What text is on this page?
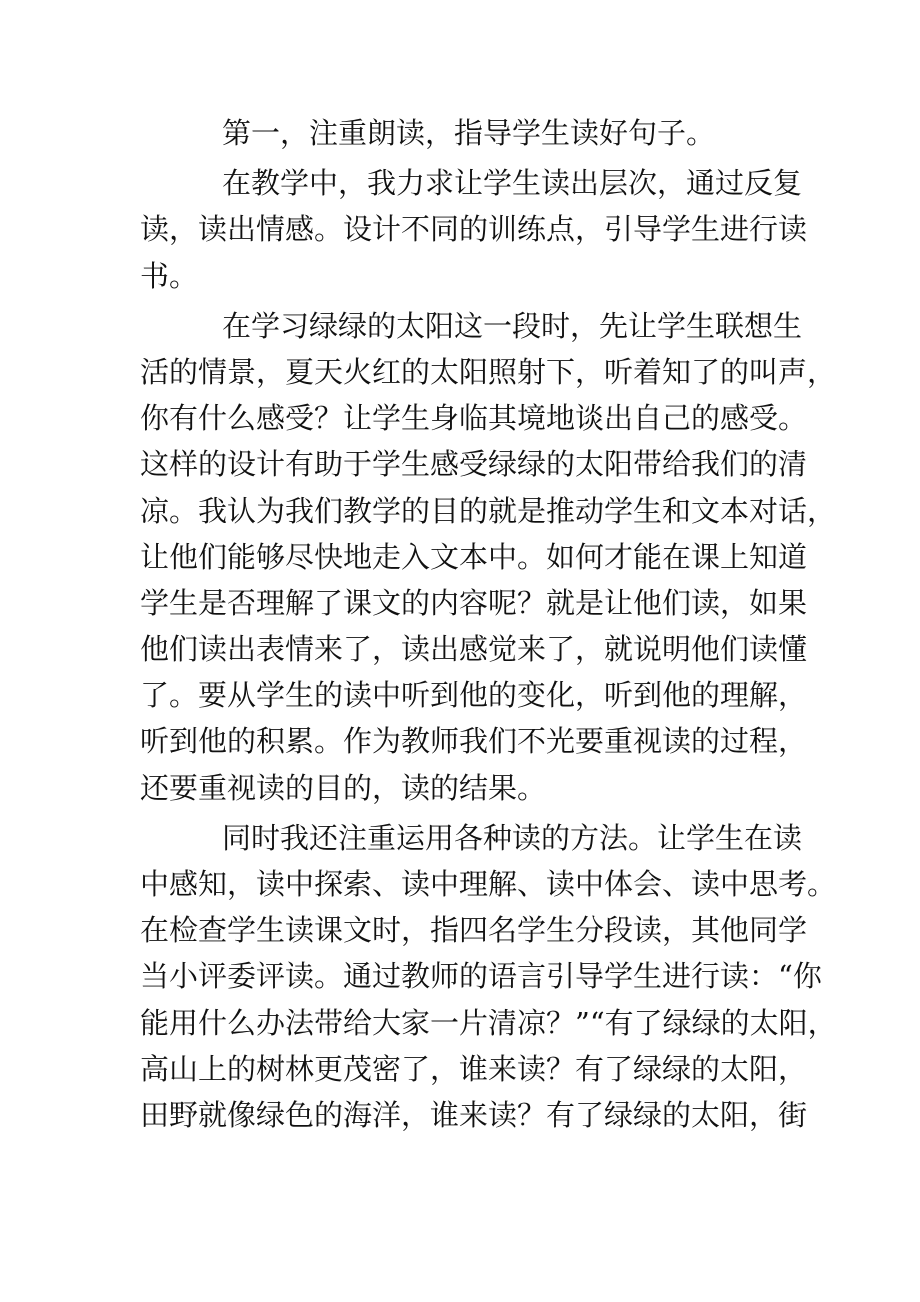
第一，注重朗读，指导学生读好句子。
在教学中，我力求让学生读出层次，通过反复
读，读出情感。设计不同的训练点，引导学生进行读
书。
在学习绿绿的太阳这一段时，先让学生联想生
活的情景，夏天火红的太阳照射下，听着知了的叫声，
你有什么感受？让学生身临其境地谈出自己的感受。
这样的设计有助于学生感受绿绿的太阳带给我们的清
凉。我认为我们教学的目的就是推动学生和文本对话，
让他们能够尽快地走入文本中。如何才能在课上知道
学生是否理解了课文的内容呢？就是让他们读，如果
他们读出表情来了，读出感觉来了，就说明他们读懂
了。要从学生的读中听到他的变化，听到他的理解，
听到他的积累。作为教师我们不光要重视读的过程，
还要重视读的目的，读的结果。
同时我还注重运用各种读的方法。让学生在读
中感知，读中探索、读中理解、读中体会、读中思考。
在检查学生读课文时，指四名学生分段读，其他同学
当小评委评读。通过教师的语言引导学生进行读：“你
能用什么办法带给大家一片清凉？”“有了绿绿的太阳，
高山上的树林更茂密了，谁来读？有了绿绿的太阳，
田野就像绿色的海洋，谁来读？有了绿绿的太阳，街
